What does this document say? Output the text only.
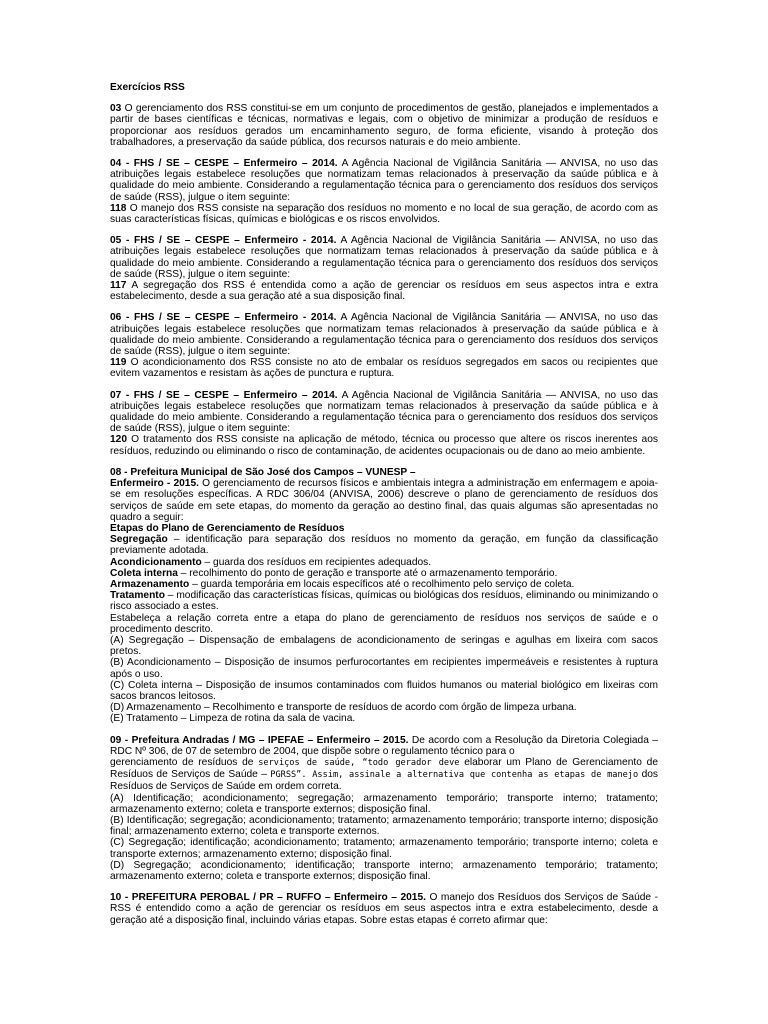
Exercícios RSS

03 O gerenciamento dos RSS constitui-se em um conjunto de procedimentos de gestão, planejados e implementados a partir de bases científicas e técnicas, normativas e legais, com o objetivo de minimizar a produção de resíduos e proporcionar aos resíduos gerados um encaminhamento seguro, de forma eficiente, visando à proteção dos trabalhadores, a preservação da saúde pública, dos recursos naturais e do meio ambiente.

04 - FHS / SE – CESPE – Enfermeiro – 2014. A Agência Nacional de Vigilância Sanitária — ANVISA, no uso das atribuições legais estabelece resoluções que normatizam temas relacionados à preservação da saúde pública e à qualidade do meio ambiente. Considerando a regulamentação técnica para o gerenciamento dos resíduos dos serviços de saúde (RSS), julgue o item seguinte:
118 O manejo dos RSS consiste na separação dos resíduos no momento e no local de sua geração, de acordo com as suas características físicas, químicas e biológicas e os riscos envolvidos.

05 - FHS / SE – CESPE – Enfermeiro - 2014. A Agência Nacional de Vigilância Sanitária — ANVISA, no uso das atribuições legais estabelece resoluções que normatizam temas relacionados à preservação da saúde pública e à qualidade do meio ambiente. Considerando a regulamentação técnica para o gerenciamento dos resíduos dos serviços de saúde (RSS), julgue o item seguinte:
117 A segregação dos RSS é entendida como a ação de gerenciar os resíduos em seus aspectos intra e extra estabelecimento, desde a sua geração até a sua disposição final.

06 - FHS / SE – CESPE – Enfermeiro - 2014. A Agência Nacional de Vigilância Sanitária — ANVISA, no uso das atribuições legais estabelece resoluções que normatizam temas relacionados à preservação da saúde pública e à qualidade do meio ambiente. Considerando a regulamentação técnica para o gerenciamento dos resíduos dos serviços de saúde (RSS), julgue o item seguinte:
119 O acondicionamento dos RSS consiste no ato de embalar os resíduos segregados em sacos ou recipientes que evitem vazamentos e resistam às ações de punctura e ruptura.

07 - FHS / SE – CESPE – Enfermeiro – 2014. A Agência Nacional de Vigilância Sanitária — ANVISA, no uso das atribuições legais estabelece resoluções que normatizam temas relacionados à preservação da saúde pública e à qualidade do meio ambiente. Considerando a regulamentação técnica para o gerenciamento dos resíduos dos serviços de saúde (RSS), julgue o item seguinte:
120 O tratamento dos RSS consiste na aplicação de método, técnica ou processo que altere os riscos inerentes aos resíduos, reduzindo ou eliminando o risco de contaminação, de acidentes ocupacionais ou de dano ao meio ambiente.

08 - Prefeitura Municipal de São José dos Campos – VUNESP –
Enfermeiro - 2015. O gerenciamento de recursos físicos e ambientais integra a administração em enfermagem e apoia-se em resoluções específicas. A RDC 306/04 (ANVISA, 2006) descreve o plano de gerenciamento de resíduos dos serviços de saúde em sete etapas, do momento da geração ao destino final, das quais algumas são apresentadas no quadro a seguir:
Etapas do Plano de Gerenciamento de Resíduos
Segregação – identificação para separação dos resíduos no momento da geração, em função da classificação previamente adotada.
Acondicionamento – guarda dos resíduos em recipientes adequados.
Coleta interna – recolhimento do ponto de geração e transporte até o armazenamento temporário.
Armazenamento – guarda temporária em locais específicos até o recolhimento pelo serviço de coleta.
Tratamento – modificação das características físicas, químicas ou biológicas dos resíduos, eliminando ou minimizando o risco associado a estes.
Estabeleça a relação correta entre a etapa do plano de gerenciamento de resíduos nos serviços de saúde e o procedimento descrito.
(A) Segregação – Dispensação de embalagens de acondicionamento de seringas e agulhas em lixeira com sacos pretos.
(B) Acondicionamento – Disposição de insumos perfurocortantes em recipientes impermeáveis e resistentes à ruptura após o uso.
(C) Coleta interna – Disposição de insumos contaminados com fluidos humanos ou material biológico em lixeiras com sacos brancos leitosos.
(D) Armazenamento – Recolhimento e transporte de resíduos de acordo com órgão de limpeza urbana.
(E) Tratamento – Limpeza de rotina da sala de vacina.

09 - Prefeitura Andradas / MG – IPEFAE – Enfermeiro – 2015. De acordo com a Resolução da Diretoria Colegiada – RDC Nº 306, de 07 de setembro de 2004, que dispõe sobre o regulamento técnico para o
gerenciamento de resíduos de serviços de saúde, “todo gerador deve elaborar um Plano de Gerenciamento de Resíduos de Serviços de Saúde – PGRSS”. Assim, assinale a alternativa que contenha as etapas de manejo dos Resíduos de Serviços de Saúde em ordem correta.
(A) Identificação; acondicionamento; segregação; armazenamento temporário; transporte interno; tratamento; armazenamento externo; coleta e transporte externos; disposição final.
(B) Identificação; segregação; acondicionamento; tratamento; armazenamento temporário; transporte interno; disposição final; armazenamento externo; coleta e transporte externos.
(C) Segregação; identificação; acondicionamento; tratamento; armazenamento temporário; transporte interno; coleta e transporte externos; armazenamento externo; disposição final.
(D) Segregação; acondicionamento; identificação; transporte interno; armazenamento temporário; tratamento; armazenamento externo; coleta e transporte externos; disposição final.

10 - PREFEITURA PEROBAL / PR – RUFFO – Enfermeiro – 2015. O manejo dos Resíduos dos Serviços de Saúde - RSS é entendido como a ação de gerenciar os resíduos em seus aspectos intra e extra estabelecimento, desde a geração até a disposição final, incluindo várias etapas. Sobre estas etapas é correto afirmar que:
